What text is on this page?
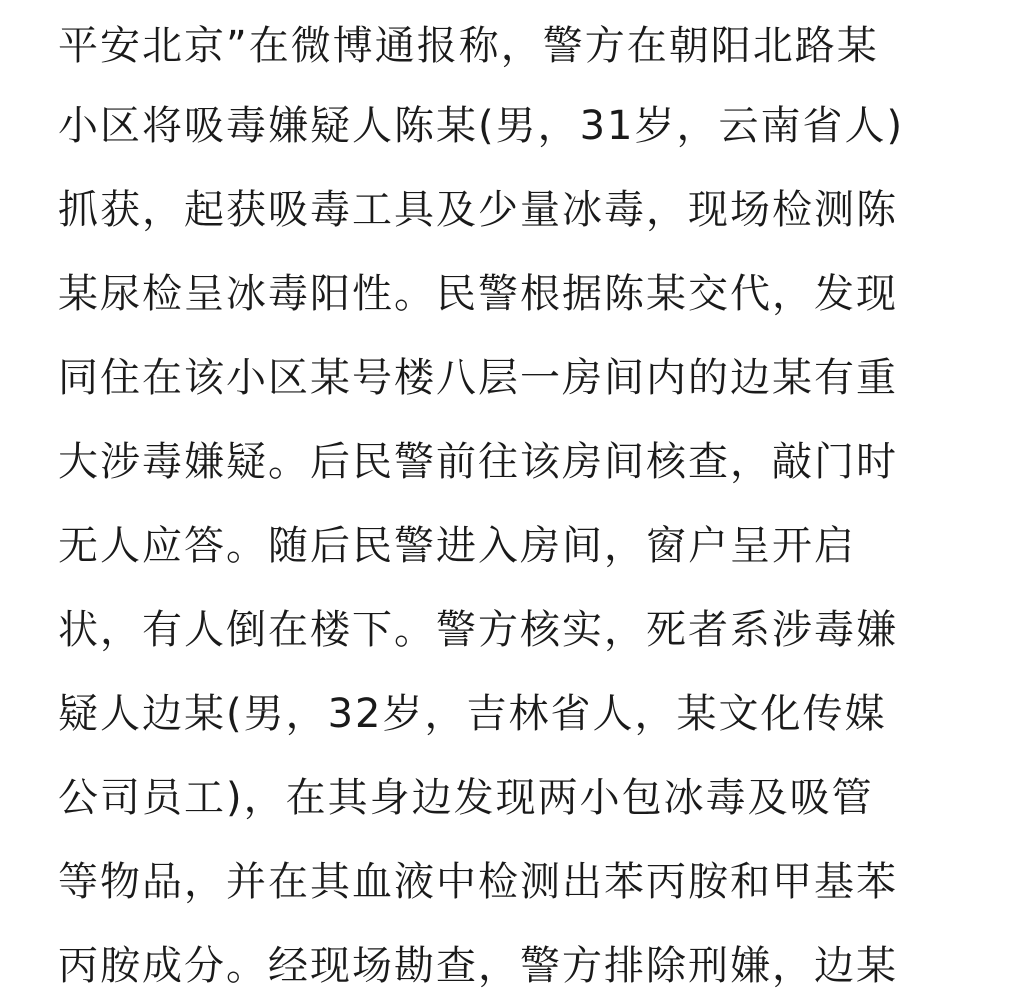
平安北京”在微博通报称，警方在朝阳北路某
小区将吸毒嫌疑人陈某(男，31岁，云南省人)
抓获，起获吸毒工具及少量冰毒，现场检测陈
某尿检呈冰毒阳性。民警根据陈某交代，发现
同住在该小区某号楼八层一房间内的边某有重
大涉毒嫌疑。后民警前往该房间核查，敲门时
无人应答。随后民警进入房间，窗户呈开启
状，有人倒在楼下。警方核实，死者系涉毒嫌
疑人边某(男，32岁，吉林省人，某文化传媒
公司员工)，在其身边发现两小包冰毒及吸管
等物品，并在其血液中检测出苯丙胺和甲基苯
丙胺成分。经现场勘查，警方排除刑嫌，边某
